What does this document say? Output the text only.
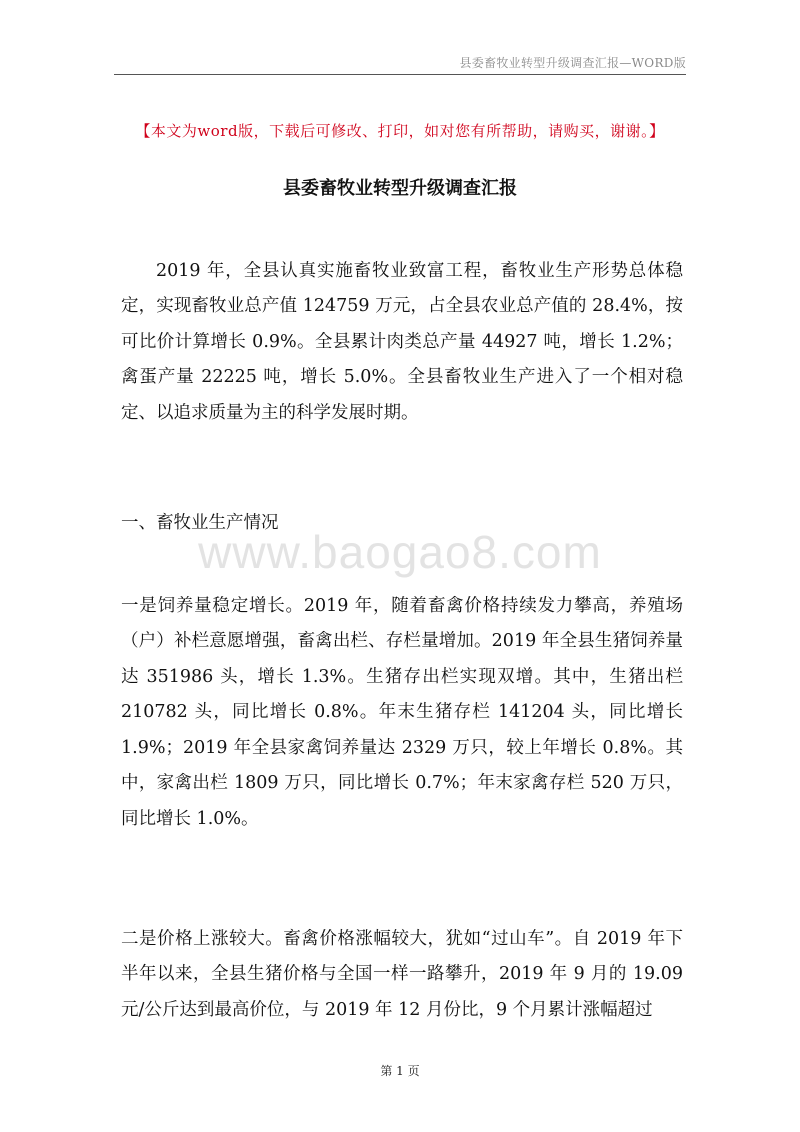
县委畜牧业转型升级调查汇报—WORD版
【本文为word版，下载后可修改、打印，如对您有所帮助，请购买，谢谢。】
县委畜牧业转型升级调查汇报

2019 年，全县认真实施畜牧业致富工程，畜牧业生产形势总体稳定，实现畜牧业总产值 124759 万元，占全县农业总产值的 28.4%，按可比价计算增长 0.9%。全县累计肉类总产量 44927 吨，增长 1.2%；禽蛋产量 22225 吨，增长 5.0%。全县畜牧业生产进入了一个相对稳定、以追求质量为主的科学发展时期。

一、畜牧业生产情况

www.baogao8.com

一是饲养量稳定增长。2019 年，随着畜禽价格持续发力攀高，养殖场（户）补栏意愿增强，畜禽出栏、存栏量增加。2019 年全县生猪饲养量达 351986 头，增长 1.3%。生猪存出栏实现双增。其中，生猪出栏 210782 头，同比增长 0.8%。年末生猪存栏 141204 头，同比增长 1.9%；2019 年全县家禽饲养量达 2329 万只，较上年增长 0.8%。其中，家禽出栏 1809 万只，同比增长 0.7%；年末家禽存栏 520 万只，同比增长 1.0%。

二是价格上涨较大。畜禽价格涨幅较大，犹如“过山车”。自 2019 年下半年以来，全县生猪价格与全国一样一路攀升，2019 年 9 月的 19.09 元/公斤达到最高价位，与 2019 年 12 月份比，9 个月累计涨幅超过

第 1 页
